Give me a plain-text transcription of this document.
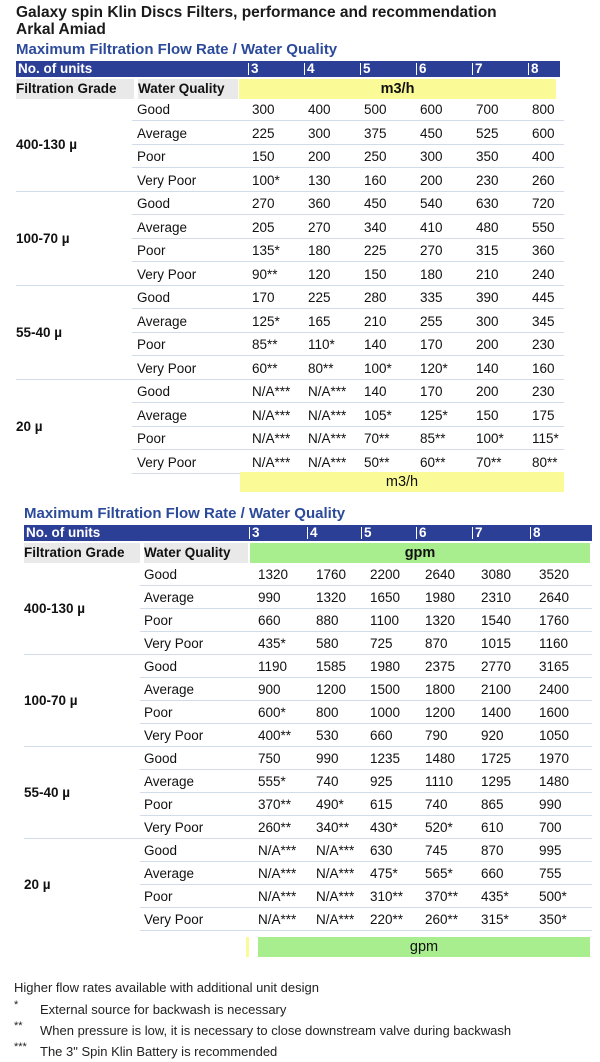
Galaxy spin Klin Discs Filters, performance and recommendation
Arkal Amiad
Maximum Filtration Flow Rate / Water Quality
No. of units	3	4	5	6	7	8
Filtration Grade	Water Quality	m3/h
400-130 µ
Good	300 400 500 600 700 800
Average	225 300 375 450 525 600
Poor	150 200 250 300 350 400
Very Poor	100* 130 160 200 230 260
100-70 µ
Good	270 360 450 540 630 720
Average	205 270 340 410 480 550
Poor	135* 180 225 270 315 360
Very Poor	90** 120 150 180 210 240
55-40 µ
Good	170 225 280 335 390 445
Average	125* 165 210 255 300 345
Poor	85** 110* 140 170 200 230
Very Poor	60** 80** 100* 120* 140 160
20 µ
Good	N/A*** N/A*** 140 170 200 230
Average	N/A*** N/A*** 105* 125* 150 175
Poor	N/A*** N/A*** 70** 85** 100* 115*
Very Poor	N/A*** N/A*** 50** 60** 70** 80**
m3/h
Maximum Filtration Flow Rate / Water Quality
No. of units	3	4	5	6	7	8
Filtration Grade	Water Quality	gpm
400-130 µ
Good	1320 1760 2200 2640 3080 3520
Average	990	1320 1650 1980 2310 2640
Poor	660	880 1100 1320 1540 1760
Very Poor	435* 580 725 870 1015 1160
100-70 µ
Good	1190 1585 1980 2375 2770 3165
Average	900	1200 1500 1800 2100 2400
Poor	600* 800 1000 1200 1400 1600
Very Poor	400** 530 660 790 920	1050
55-40 µ
Good	750	990 1235 1480 1725 1970
Average	555* 740 925 1110 1295 1480
Poor	370** 490* 615 740 865	990
Very Poor	260** 340** 430* 520* 610	700
20 µ
Good	N/A*** N/A*** 630 745 870	995
Average	N/A*** N/A*** 475* 565* 660	755
Poor	N/A*** N/A*** 310** 370** 435* 500*
Very Poor	N/A*** N/A*** 220** 260** 315* 350*
gpm
Higher flow rates available with additional unit design
* External source for backwash is necessary
** When pressure is low, it is necessary to close downstream valve during backwash
*** The 3" Spin Klin Battery is recommended
